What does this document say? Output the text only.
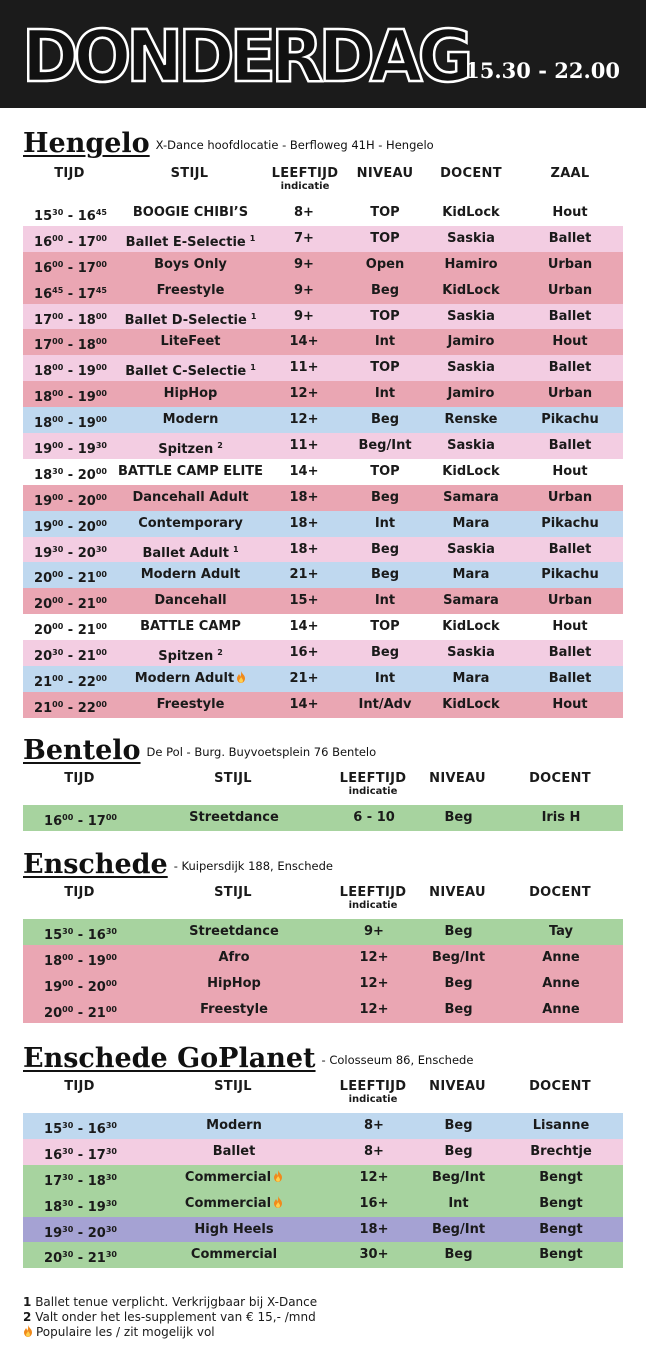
DONDERDAG
15.30 - 22.00
Hengelo X-Dance hoofdlocatie - Berfloweg 41H - Hengelo
TIJD	STIJL	LEEFTIJD
indicatie
NIVEAU	DOCENT	ZAAL
$15^{30} - 16^{45}$	BOOGIE CHIBI’S	8+	TOP	KidLock	Hout
$16^{00} - 17^{00}$	Ballet E-Selectie $^1$	7+	TOP	Saskia	Ballet
$16^{00} - 17^{00}$	Boys Only	9+	Open	Hamiro	Urban
$16^{45} - 17^{45}$	Freestyle	9+	Beg	KidLock	Urban
$17^{00} - 18^{00}$	Ballet D-Selectie $^1$	9+	TOP	Saskia	Ballet
$17^{00} - 18^{00}$	LiteFeet	14+	Int	Jamiro	Hout
$18^{00} - 19^{00}$	Ballet C-Selectie $^1$	11+	TOP	Saskia	Ballet
$18^{00} - 19^{00}$	HipHop	12+	Int	Jamiro	Urban
$18^{00} - 19^{00}$	Modern	12+	Beg	Renske	Pikachu
$19^{00} - 19^{30}$	Spitzen $^2$	11+	Beg/Int	Saskia	Ballet
$18^{30} - 20^{00}$ BATTLE CAMP ELITE	14+	TOP	KidLock	Hout
$19^{00} - 20^{00}$	Dancehall Adult	18+	Beg	Samara	Urban
$19^{00} - 20^{00}$	Contemporary	18+	Int	Mara	Pikachu
$19^{30} - 20^{30}$	Ballet Adult $^1$	18+	Beg	Saskia	Ballet
$20^{00} - 21^{00}$	Modern Adult	21+	Beg	Mara	Pikachu
$20^{00} - 21^{00}$	Dancehall	15+	Int	Samara	Urban
$20^{00} - 21^{00}$	BATTLE CAMP	14+	TOP	KidLock	Hout
$20^{30} - 21^{00}$	Spitzen $^2$	16+	Beg	Saskia	Ballet
$21^{00} - 22^{00}$	Modern Adult	21+	Int	Mara	Ballet
$21^{00} - 22^{00}$	Freestyle	14+	Int/Adv	KidLock	Hout
Bentelo De Pol - Burg. Buyvoetsplein 76 Bentelo
TIJD	STIJL	LEEFTIJD
indicatie
NIVEAU	DOCENT
$16^{00} - 17^{00}$	Streetdance	6 - 10	Beg	Iris H
Enschede - Kuipersdijk 188, Enschede
TIJD	STIJL	LEEFTIJD
indicatie
NIVEAU	DOCENT
$15^{30} - 16^{30}$	Streetdance	9+	Beg	Tay
$18^{00} - 19^{00}$	Afro	12+	Beg/Int	Anne
$19^{00} - 20^{00}$	HipHop	12+	Beg	Anne
$20^{00} - 21^{00}$	Freestyle	12+	Beg	Anne
Enschede GoPlanet - Colosseum 86, Enschede
TIJD	STIJL	LEEFTIJD
indicatie
NIVEAU	DOCENT
$15^{30} - 16^{30}$	Modern	8+	Beg	Lisanne
$16^{30} - 17^{30}$	Ballet	8+	Beg	Brechtje
$17^{30} - 18^{30}$	Commercial	12+	Beg/Int	Bengt
$18^{30} - 19^{30}$	Commercial	16+	Int	Bengt
$19^{30} - 20^{30}$	High Heels	18+	Beg/Int	Bengt
$20^{30} - 21^{30}$	Commercial	30+	Beg	Bengt
1 Ballet tenue verplicht. Verkrijgbaar bij X-Dance
2 Valt onder het les-supplement van € 15,- /mnd
Populaire les / zit mogelijk vol
